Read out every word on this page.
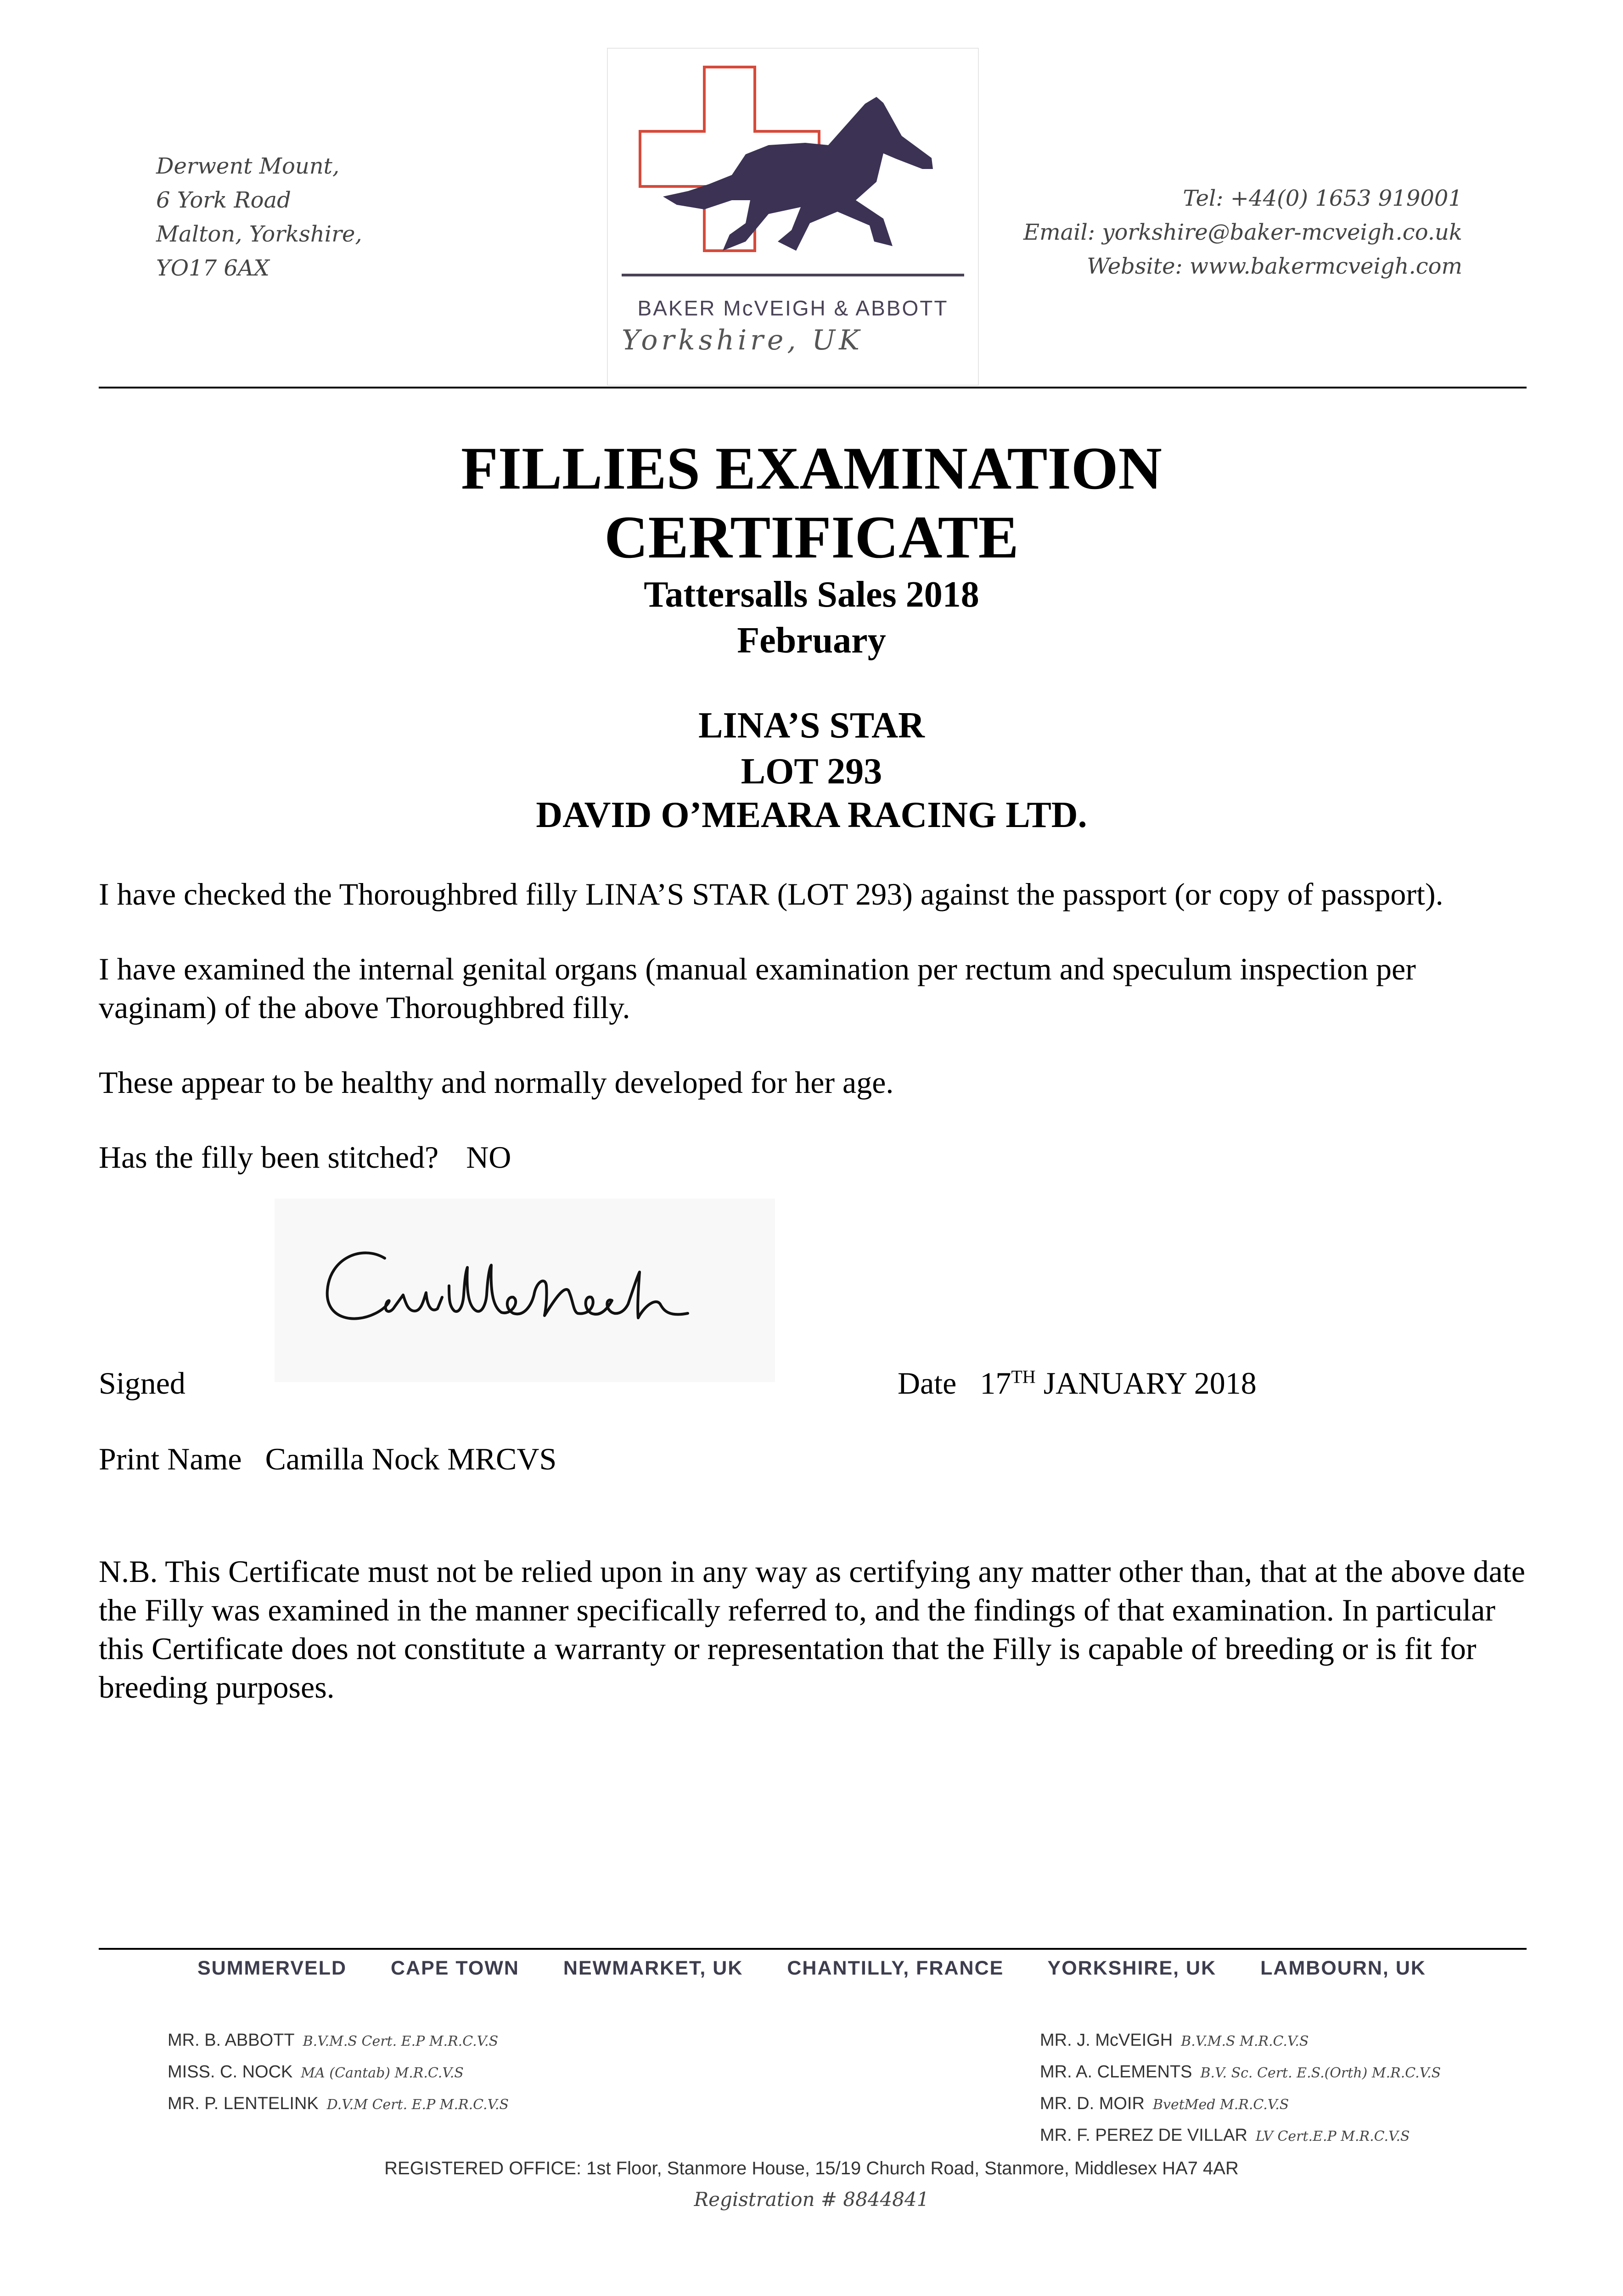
Derwent Mount,
6 York Road
Malton, Yorkshire,
YO17 6AX
BAKER McVEIGH & ABBOTT
Yorkshire, UK
Tel: +44(0) 1653 919001
Email: yorkshire@baker-mcveigh.co.uk
Website: www.bakermcveigh.com
FILLIES EXAMINATION
CERTIFICATE
Tattersalls Sales 2018
February
LINA’S STAR
LOT 293
DAVID O’MEARA RACING LTD.
I have checked the Thoroughbred filly LINA’S STAR (LOT 293) against the passport (or copy of passport).
I have examined the internal genital organs (manual examination per rectum and speculum inspection per vaginam) of the above Thoroughbred filly.
These appear to be healthy and normally developed for her age.
Has the filly been stitched? NO
Signed	Date 17TH JANUARY 2018
Print Name Camilla Nock MRCVS
N.B. This Certificate must not be relied upon in any way as certifying any matter other than, that at the above date the Filly was examined in the manner specifically referred to, and the findings of that examination. In particular this Certificate does not constitute a warranty or representation that the Filly is capable of breeding or is fit for breeding purposes.
SUMMERVELD CAPE TOWN NEWMARKET, UK CHANTILLY, FRANCE YORKSHIRE, UK LAMBOURN, UK
MR. B. ABBOTT B.V.M.S Cert. E.P M.R.C.V.S
MISS. C. NOCK MA (Cantab) M.R.C.V.S
MR. P. LENTELINK D.V.M Cert. E.P M.R.C.V.S
MR. J. McVEIGH B.V.M.S M.R.C.V.S
MR. A. CLEMENTS B.V. Sc. Cert. E.S.(Orth) M.R.C.V.S
MR. D. MOIR BvetMed M.R.C.V.S
MR. F. PEREZ DE VILLAR LV Cert.E.P M.R.C.V.S
REGISTERED OFFICE: 1st Floor, Stanmore House, 15/19 Church Road, Stanmore, Middlesex HA7 4AR
Registration # 8844841
